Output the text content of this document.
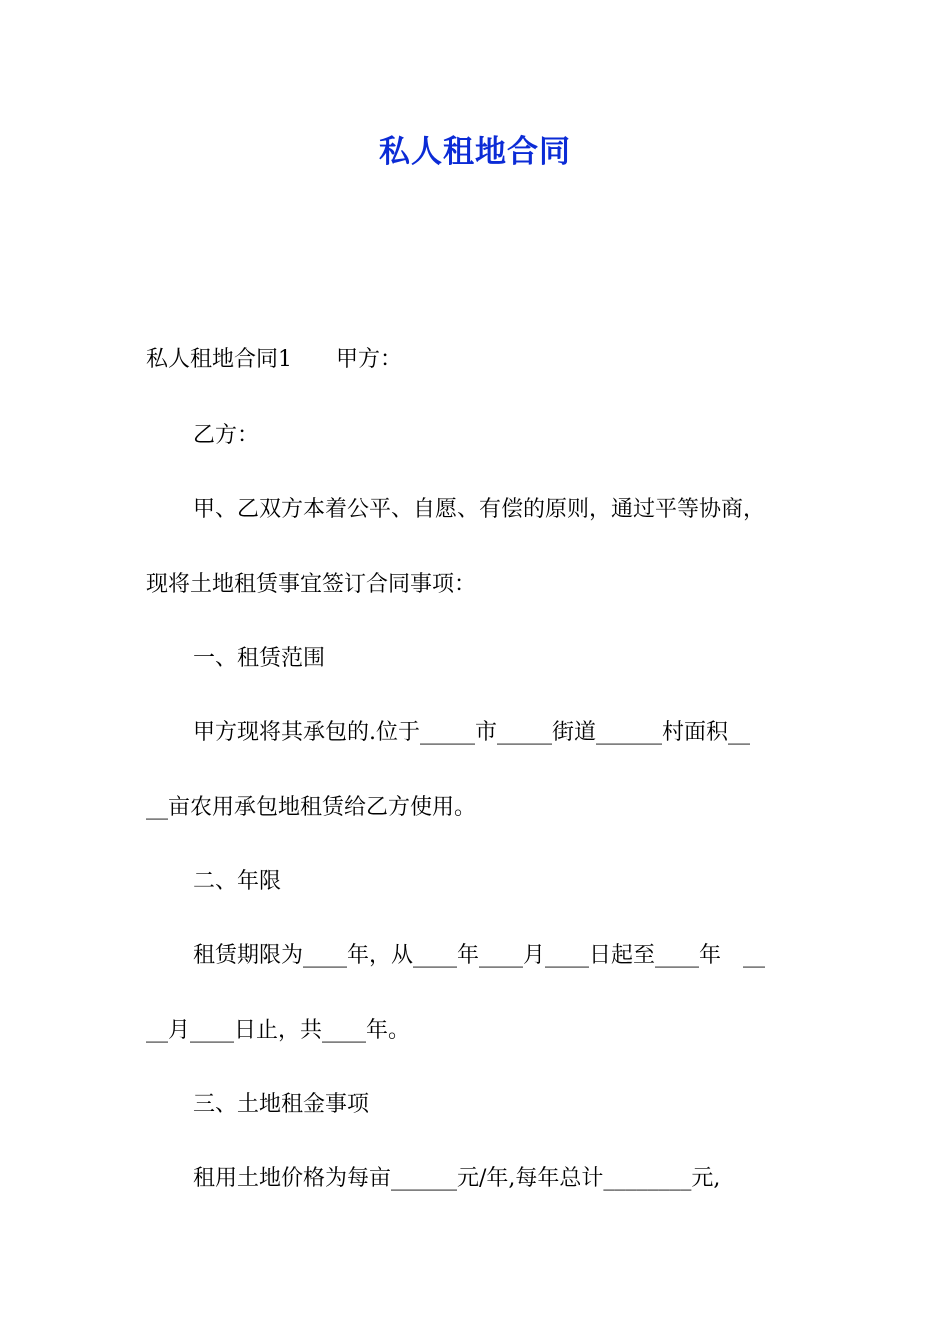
私人租地合同
私人租地合同1　　甲方：
乙方：
甲、乙双方本着公平、自愿、有偿的原则，通过平等协商，
现将土地租赁事宜签订合同事项：
一、租赁范围
甲方现将其承包的.位于_____市_____街道______村面积__
__亩农用承包地租赁给乙方使用。
二、年限
租赁期限为____年，从____年____月____日起至____年　__
__月____日止，共____年。
三、土地租金事项
租用土地价格为每亩______元/年,每年总计________元,
